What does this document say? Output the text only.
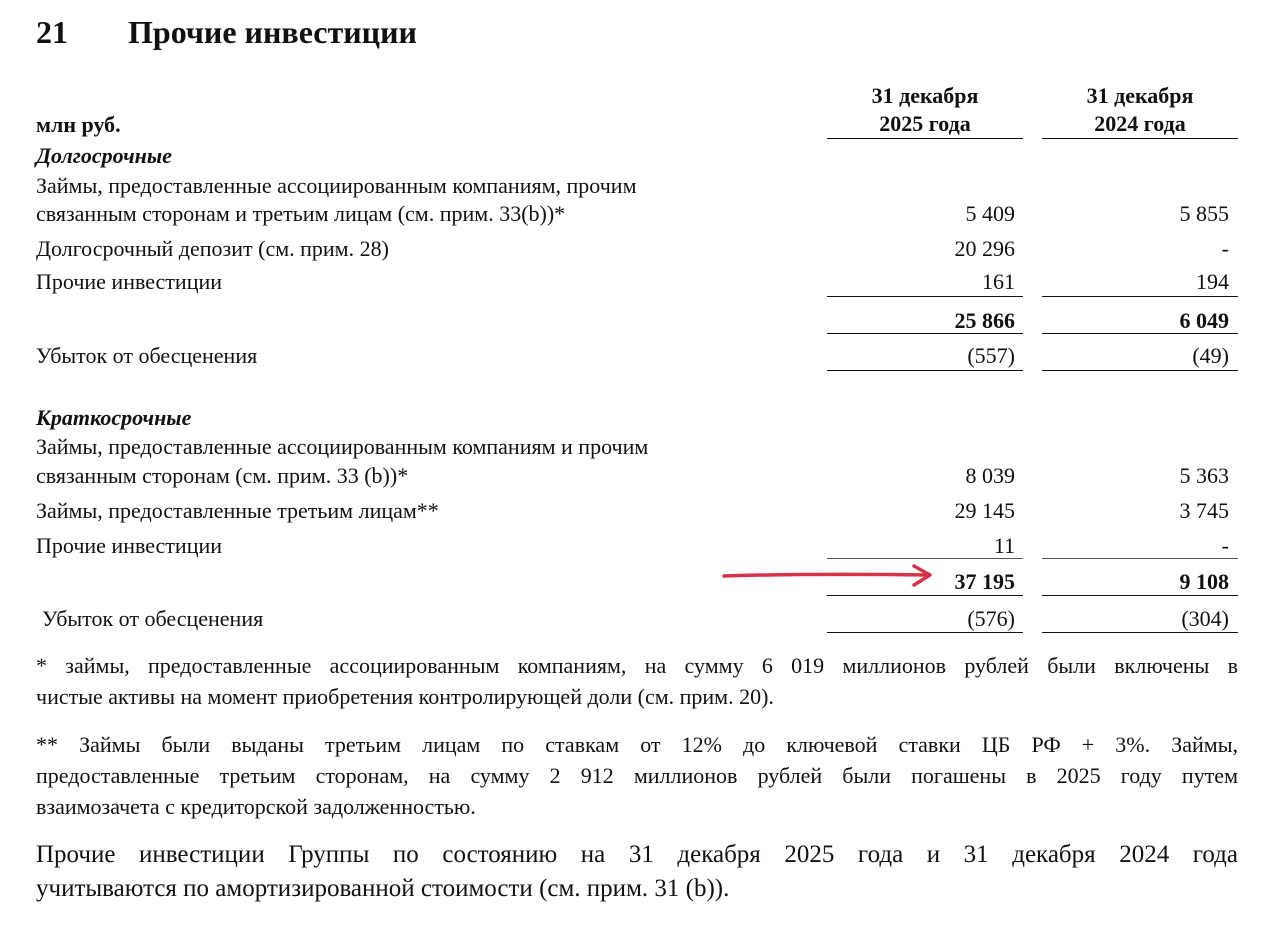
21 Прочие инвестиции
млн руб.
31 декабря
2025 года
31 декабря
2024 года
Долгосрочные
Займы, предоставленные ассоциированным компаниям, прочим
связанным сторонам и третьим лицам (см. прим. 33(b))*	5 409	5 855
Долгосрочный депозит (см. прим. 28)	20 296	-
Прочие инвестиции	161	194
25 866	6 049
Убыток от обесценения	(557)	(49)
Краткосрочные
Займы, предоставленные ассоциированным компаниям и прочим
связанным сторонам (см. прим. 33 (b))*	8 039	5 363
Займы, предоставленные третьим лицам**	29 145	3 745
Прочие инвестиции	11	-
37 195	9 108
Убыток от обесценения	(576)	(304)
* займы, предоставленные ассоциированным компаниям, на сумму 6 019 миллионов рублей были включены в
чистые активы на момент приобретения контролирующей доли (см. прим. 20).
** Займы были выданы третьим лицам по ставкам от 12% до ключевой ставки ЦБ РФ + 3%. Займы,
предоставленные третьим сторонам, на сумму 2 912 миллионов рублей были погашены в 2025 году путем
взаимозачета с кредиторской задолженностью.
Прочие инвестиции Группы по состоянию на 31 декабря 2025 года и 31 декабря 2024 года
учитываются по амортизированной стоимости (см. прим. 31 (b)).
